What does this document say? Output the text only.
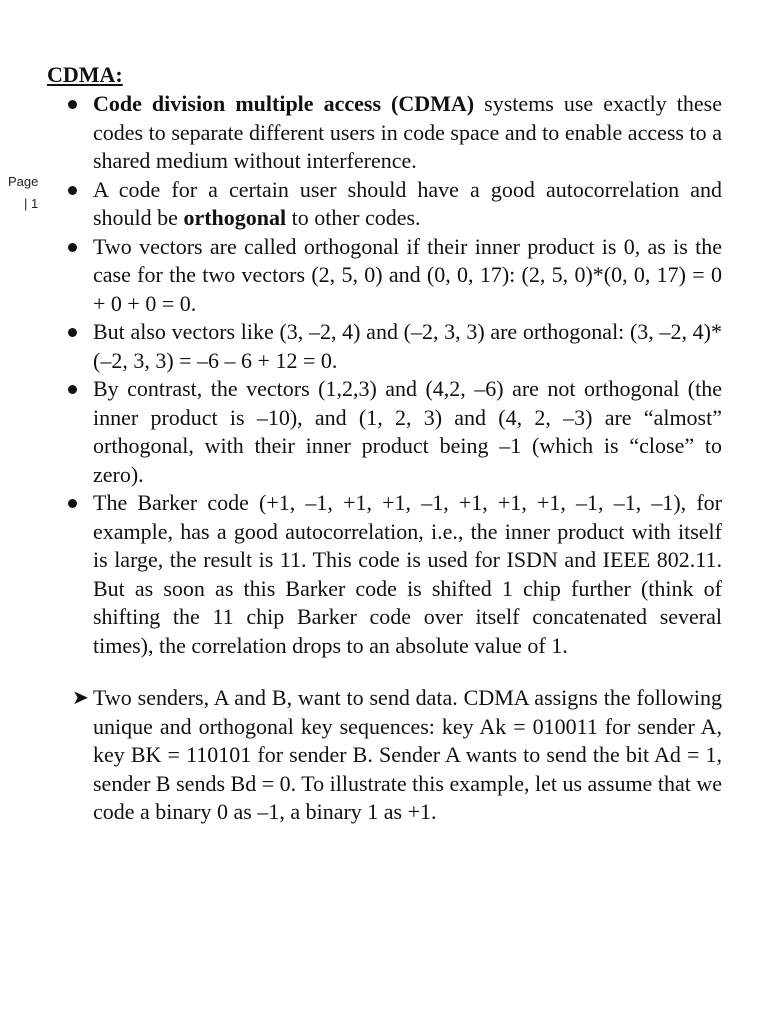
Page
| 1
CDMA:
Code division multiple access (CDMA) systems use exactly these codes to separate different users in code space and to enable access to a shared medium without interference.
A code for a certain user should have a good autocorrelation and should be orthogonal to other codes.
Two vectors are called orthogonal if their inner product is 0, as is the case for the two vectors (2, 5, 0) and (0, 0, 17): (2, 5, 0)*(0, 0, 17) = 0 + 0 + 0 = 0.
But also vectors like (3, –2, 4) and (–2, 3, 3) are orthogonal: (3, –2, 4)*(–2, 3, 3) = –6 – 6 + 12 = 0.
By contrast, the vectors (1,2,3) and (4,2, –6) are not orthogonal (the inner product is –10), and (1, 2, 3) and (4, 2, –3) are “almost” orthogonal, with their inner product being –1 (which is “close” to zero).
The Barker code (+1, –1, +1, +1, –1, +1, +1, +1, –1, –1, –1), for example, has a good autocorrelation, i.e., the inner product with itself is large, the result is 11. This code is used for ISDN and IEEE 802.11. But as soon as this Barker code is shifted 1 chip further (think of shifting the 11 chip Barker code over itself concatenated several times), the correlation drops to an absolute value of 1.
➤ Two senders, A and B, want to send data. CDMA assigns the following unique and orthogonal key sequences: key Ak = 010011 for sender A, key BK = 110101 for sender B. Sender A wants to send the bit Ad = 1, sender B sends Bd = 0. To illustrate this example, let us assume that we code a binary 0 as –1, a binary 1 as +1.
